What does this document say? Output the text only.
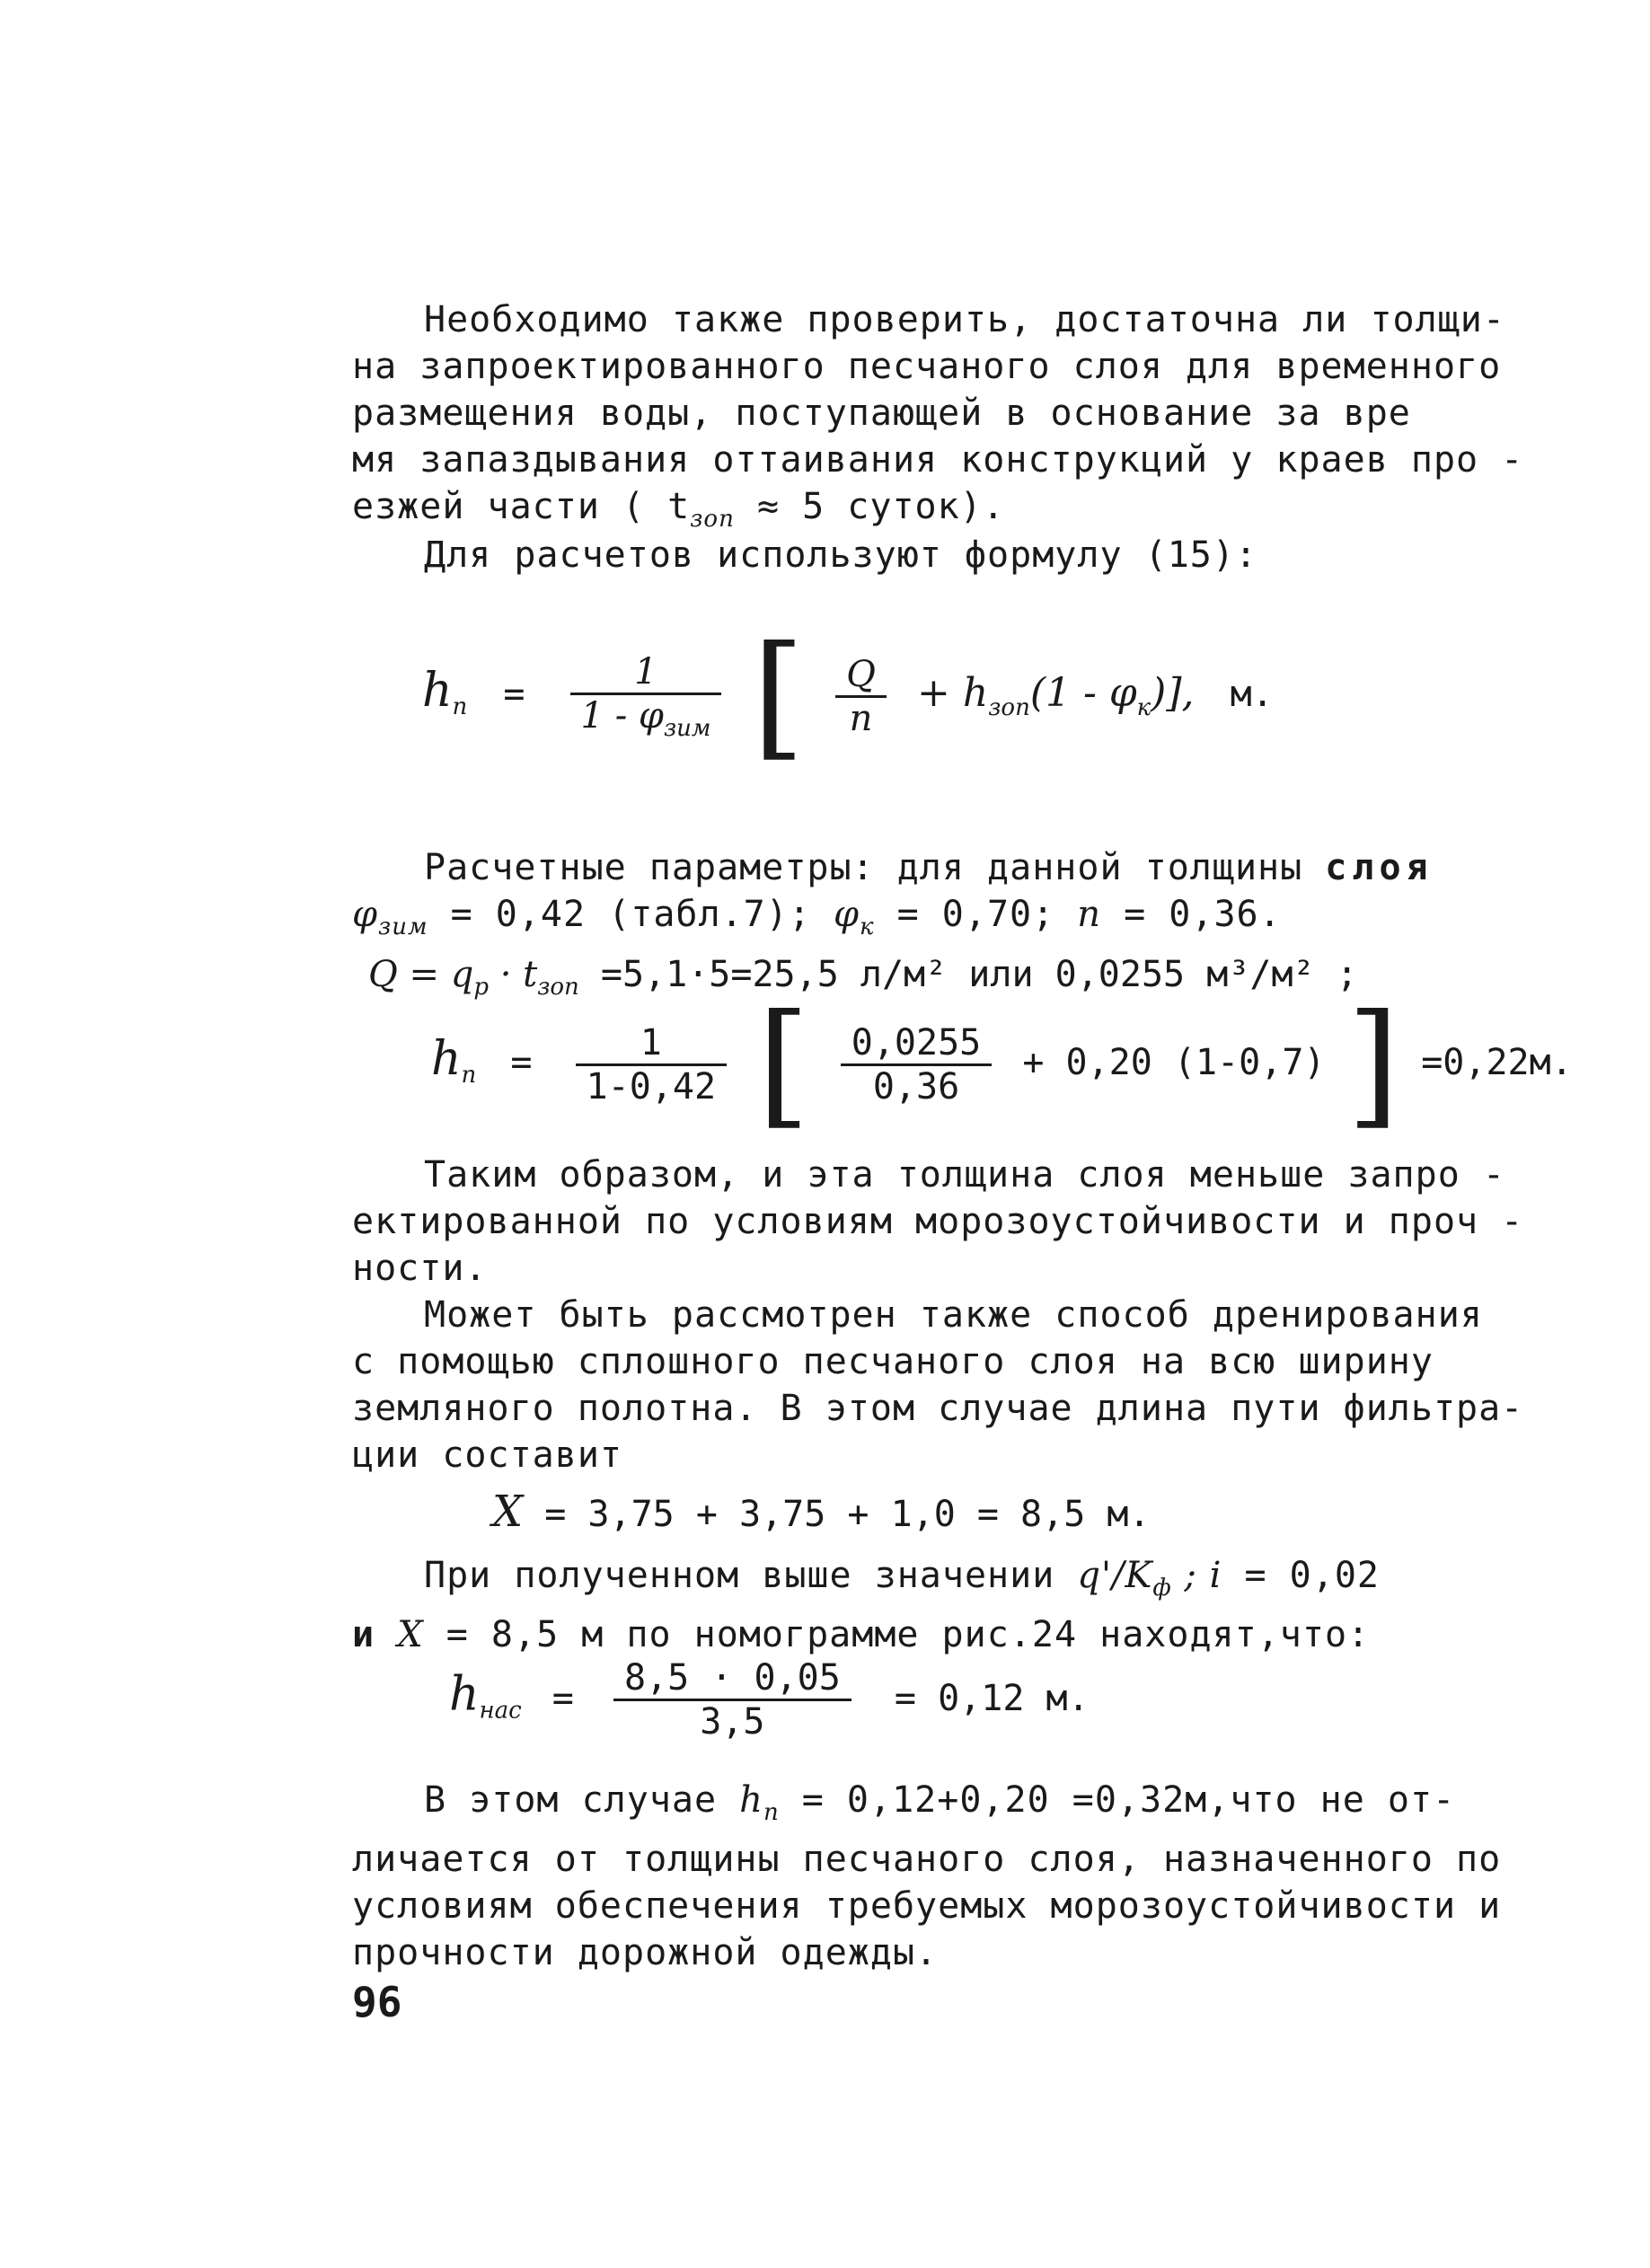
Необходимо также проверить, достаточна ли толщи-
на запроектированного песчаного слоя для временного
размещения воды, поступающей в основание за вре
мя запаздывания оттаивания конструкций у краев про -
езжей части ( $t_{зоп} \approx 5$ суток).
Для расчетов используют формулу (15):
$h_п = \frac{1}{1 - \varphi_{зим}}$ [ $\frac{Q}{n} + h_{зоп}(1 - \varphi_к)$], м.
Расчетные параметры: для данной толщины слоя
$\varphi_{зим} = 0,42$ (табл.7); $\varphi_к = 0,70$; n = 0,36.
$Q = q_р \cdot t_{зоп} =5,1\cdot 5=25,5$ л/м² или 0,0255 м³/м² ;
$h_п = \frac{1}{1-0,42}$ [ $\frac{0,0255}{0,36} + 0,20$ (1-0,7) ] =0,22м.
Таким образом, и эта толщина слоя меньше запро -
ектированной по условиям морозоустойчивости и проч -
ности.
Может быть рассмотрен также способ дренирования
с помощью сплошного песчаного слоя на всю ширину
земляного полотна. В этом случае длина пути фильтра-
ции составит
X = 3,75 + 3,75 + 1,0 = 8,5 м.
При полученном выше значении $q'/K_ф$ ; i = 0,02
и X = 8,5 м по номограмме рис.24 находят,что:
$h_{нас} = \frac{8,5 \cdot 0,05}{3,5} = 0,12$ м.
В этом случае $h_п = 0,12+0,20 =0,32м,что$ не от-
личается от толщины песчаного слоя, назначенного по
условиям обеспечения требуемых морозоустойчивости и
прочности дорожной одежды.
96
